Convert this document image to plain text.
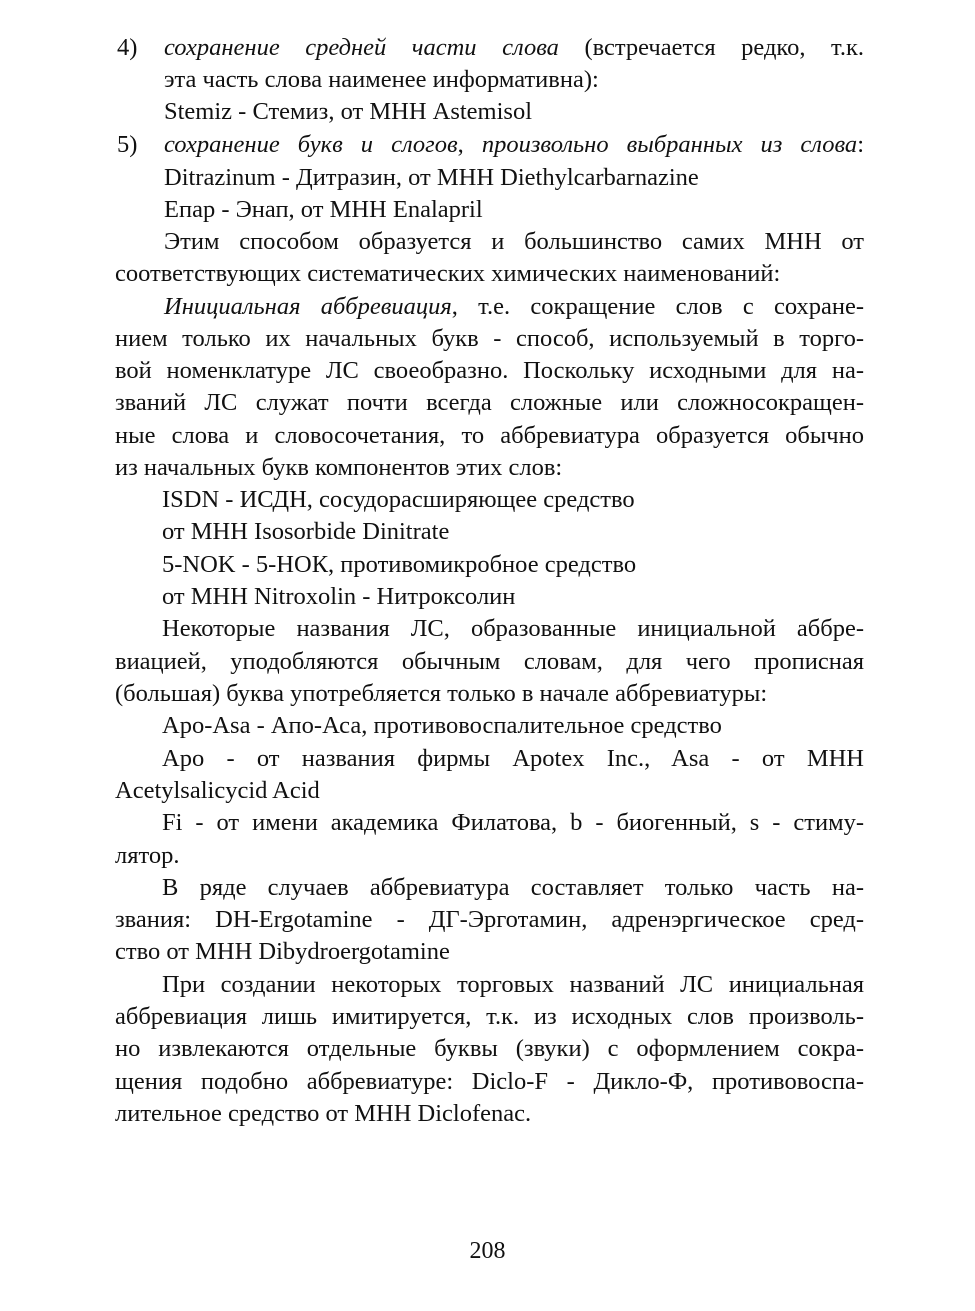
4) сохранение средней части слова (встречается редко, т.к.
эта часть слова наименее информативна):
Stemiz - Стемиз, от МНН Astemisol
5) сохранение букв и слогов, произвольно выбранных из слова:
Ditrazinum - Дитразин, от МНН Diethylcarbarnazine
Eпap - Энап, от МНН Enalapril
Этим способом образуется и большинство самих МНН от
соответствующих систематических химических наименований:
Инициальная аббревиация, т.е. сокращение слов с сохране-
нием только их начальных букв - способ, используемый в торго-
вой номенклатуре ЛС своеобразно. Поскольку исходными для на-
званий ЛС служат почти всегда сложные или сложносокращен-
ные слова и словосочетания, то аббревиатура образуется обычно
из начальных букв компонентов этих слов:
ISDN - ИСДН, сосудорасширяющее средство
от МНН Isosorbide Dinitrate
5-NOK - 5-НОК, противомикробное средство
от МНН Nitroxolin - Нитроксолин
Некоторые названия ЛС, образованные инициальной аббре-
виацией, уподобляются обычным словам, для чего прописная
(большая) буква употребляется только в начале аббревиатуры:
Apo-Asa - Апо-Аса, противовоспалительное средство
Apo - от названия фирмы Apotex Inc., Asa - от МНН
Acetylsalicycid Acid
Fi - от имени академика Филатова, b - биогенный, s - стиму-
лятор.
В ряде случаев аббревиатура составляет только часть на-
звания: DH-Ergotamine - ДГ-Эрготамин, адренэргическое сред-
ство от МНН Dibydroergotamine
При создании некоторых торговых названий ЛС инициальная
аббревиация лишь имитируется, т.к. из исходных слов произволь-
но извлекаются отдельные буквы (звуки) с оформлением сокра-
щения подобно аббревиатуре: Diclo-F - Дикло-Ф, противовоспа-
лительное средство от МНН Diclofenac.
208
